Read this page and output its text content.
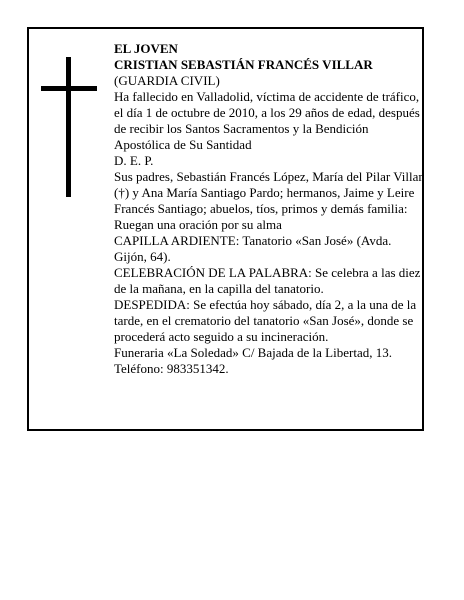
EL JOVEN

CRISTIAN SEBASTIÁN FRANCÉS VILLAR

(GUARDIA CIVIL)

Ha fallecido en Valladolid, víctima de accidente de tráfico, el día 1 de octubre de 2010, a los 29 años de edad, después de recibir los Santos Sacramentos y la Bendición Apostólica de Su Santidad

D. E. P.

Sus padres, Sebastián Francés López, María del Pilar Villar (†) y Ana María Santiago Pardo; hermanos, Jaime y Leire Francés Santiago; abuelos, tíos, primos y demás familia:

Ruegan una oración por su alma

CAPILLA ARDIENTE: Tanatorio «San José» (Avda. Gijón, 64).

CELEBRACIÓN DE LA PALABRA: Se celebra a las diez de la mañana, en la capilla del tanatorio.

DESPEDIDA: Se efectúa hoy sábado, día 2, a la una de la tarde, en el crematorio del tanatorio «San José», donde se procederá acto seguido a su incineración.

Funeraria «La Soledad» C/ Bajada de la Libertad, 13. Teléfono: 983351342.
